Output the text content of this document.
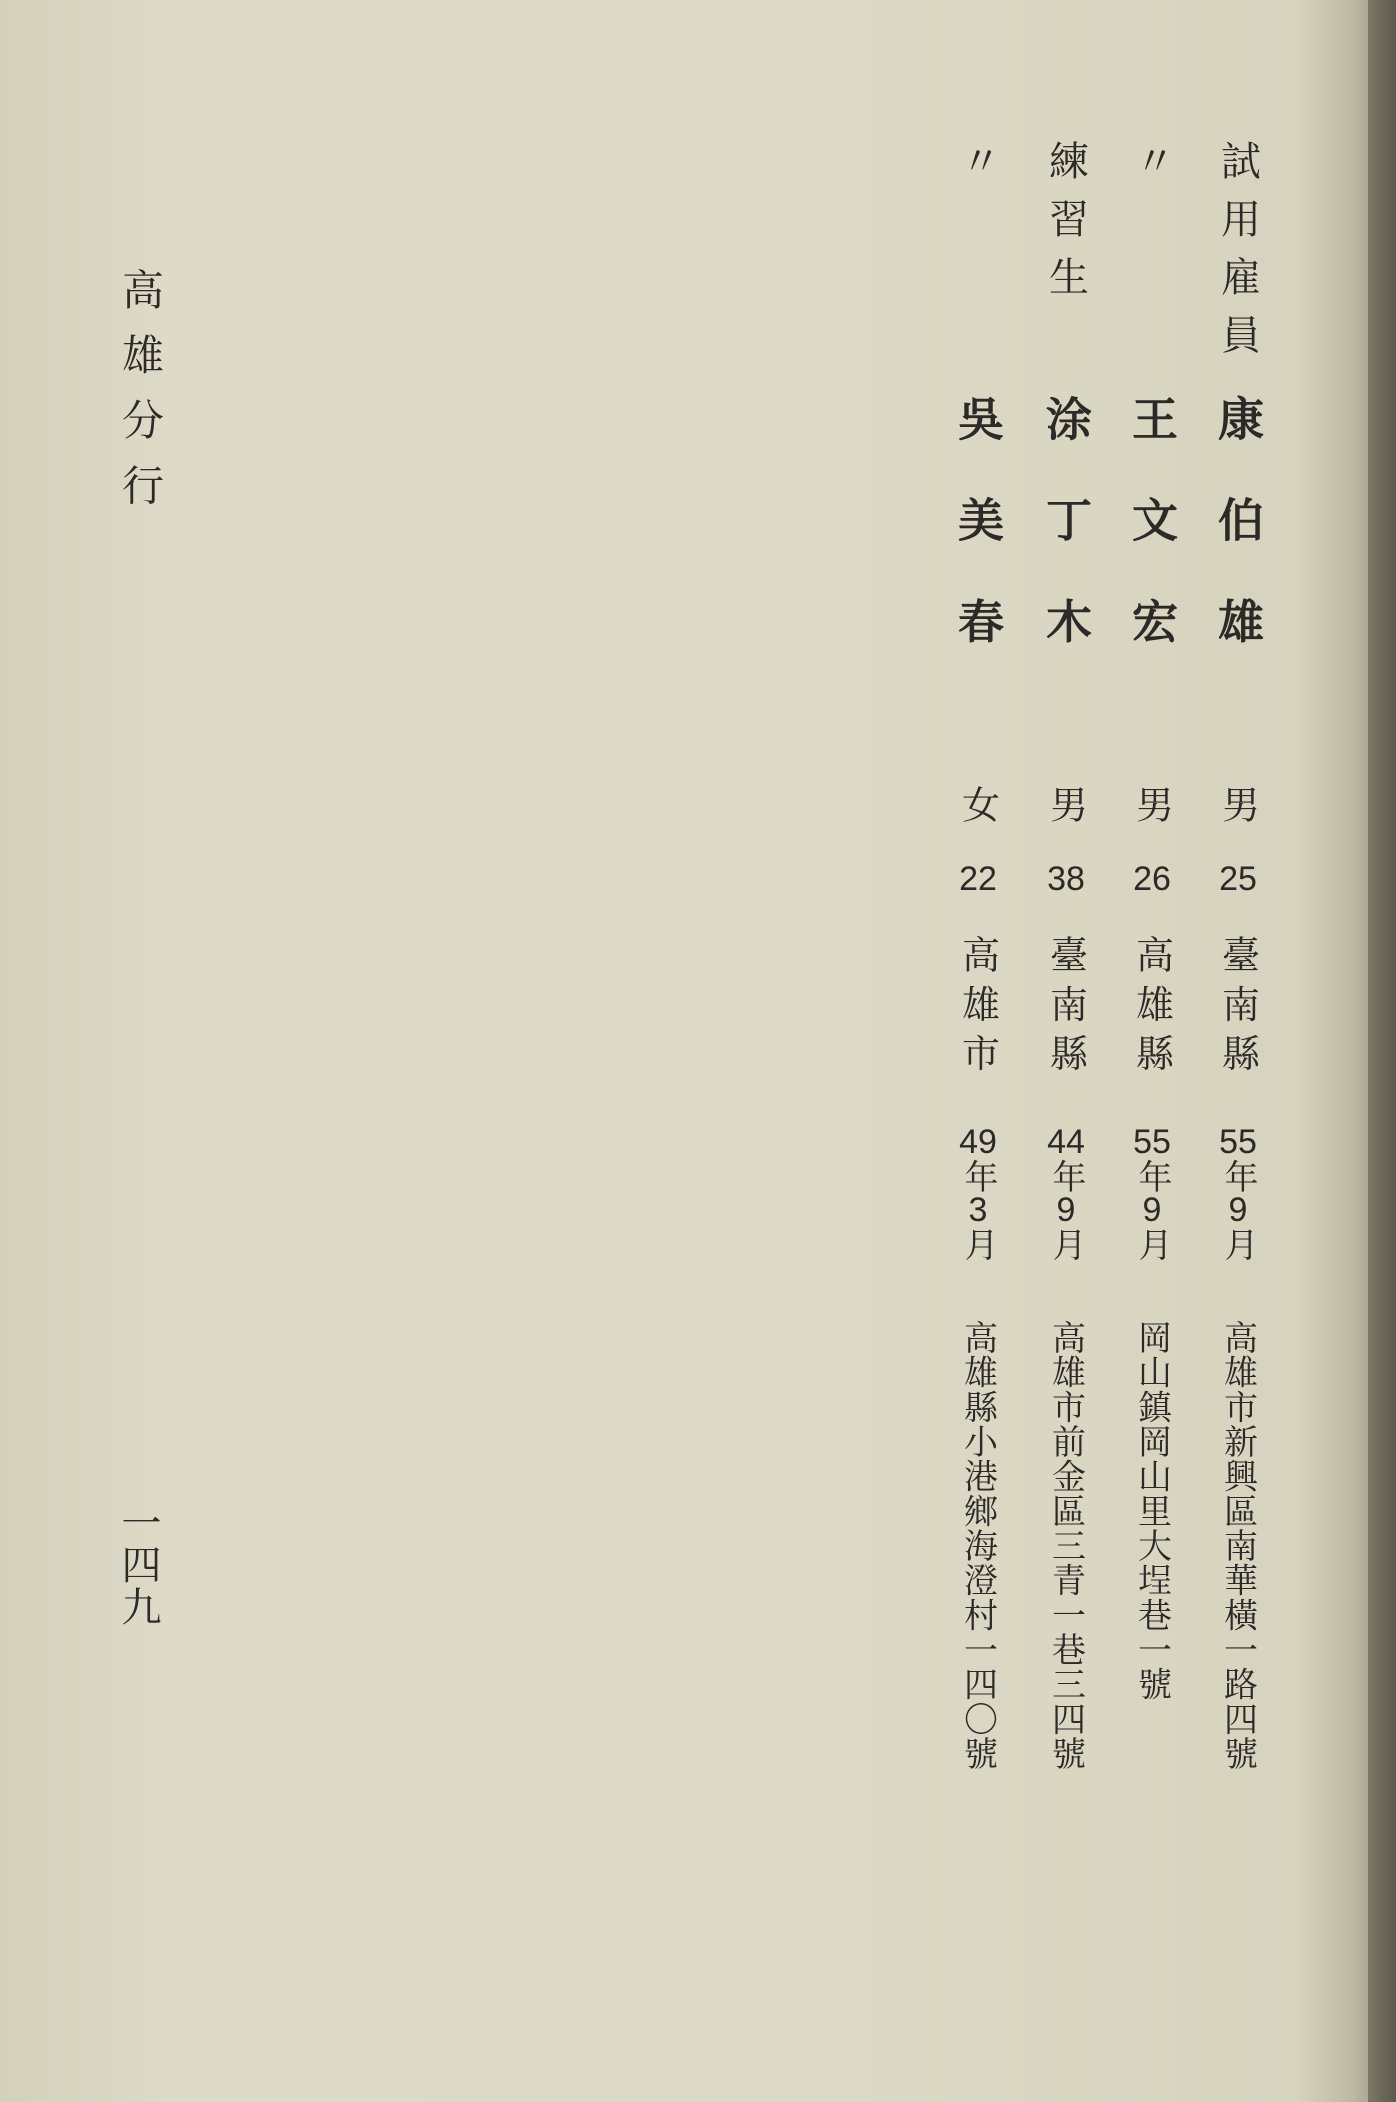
高雄分行
一四九
試用雇員
康伯雄
男
25
臺南縣
55年9月
高雄市新興區南華橫一路四號
〃
王文宏
男
26
高雄縣
55年9月
岡山鎮岡山里大埕巷一號
練習生
涂丁木
男
38
臺南縣
44年9月
高雄市前金區三青一巷三四號
〃
吳美春
女
22
高雄市
49年3月
高雄縣小港鄉海澄村一四〇號
